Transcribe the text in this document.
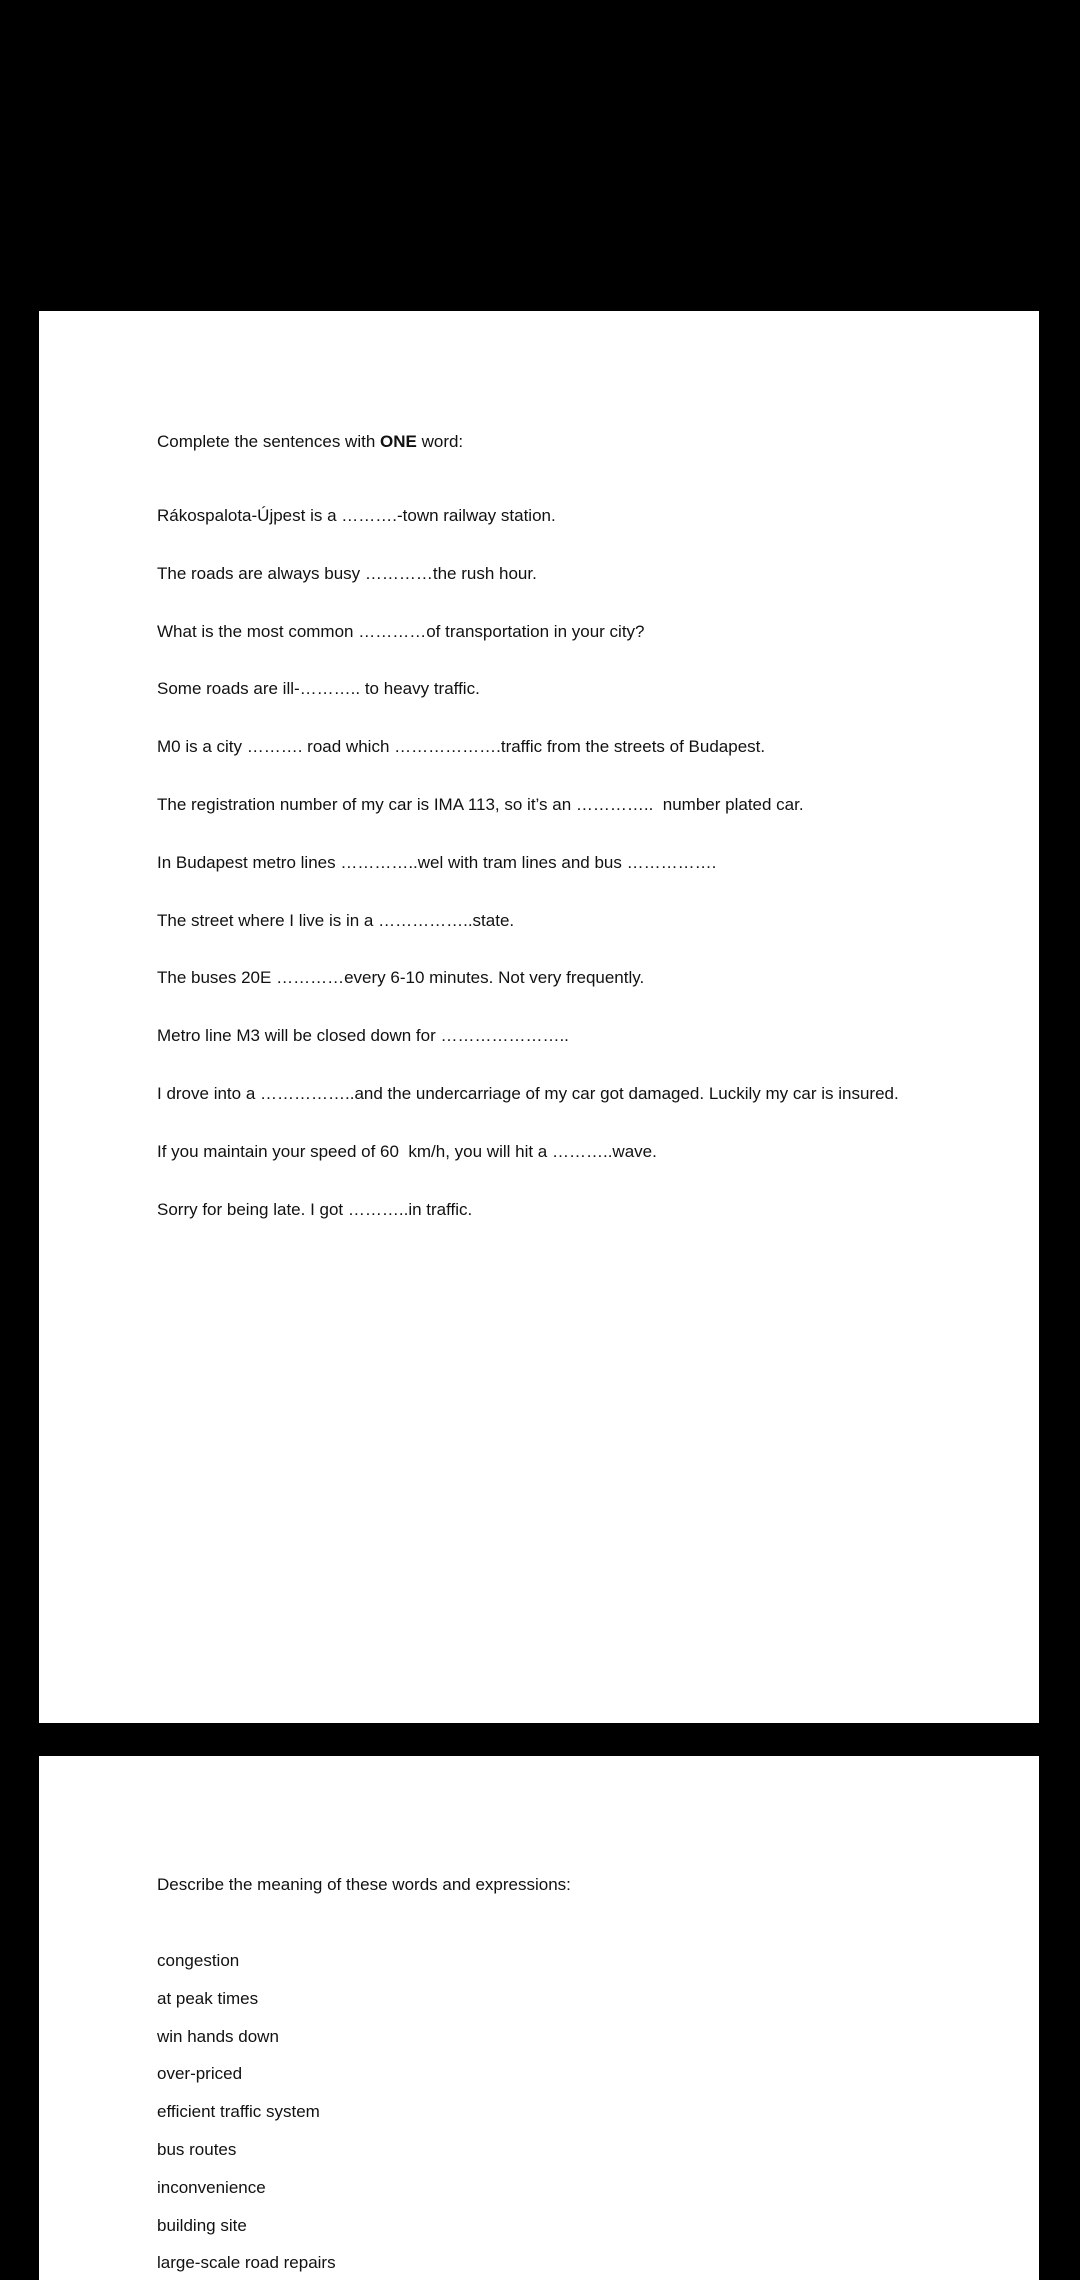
Complete the sentences with ONE word:

Rákospalota-Újpest is a ……….-town railway station.
The roads are always busy …………the rush hour.
What is the most common …………of transportation in your city?
Some roads are ill-……….. to heavy traffic.
M0 is a city ………. road which ……………….traffic from the streets of Budapest.
The registration number of my car is IMA 113, so it’s an …………..  number plated car.
In Budapest metro lines …………..wel with tram lines and bus …………….
The street where I live is in a ……………..state.
The buses 20E …………every 6-10 minutes. Not very frequently.
Metro line M3 will be closed down for …………………..
I drove into a ……………..and the undercarriage of my car got damaged. Luckily my car is insured.
If you maintain your speed of 60  km/h, you will hit a ………..wave.
Sorry for being late. I got ………..in traffic.

Describe the meaning of these words and expressions:

congestion
at peak times
win hands down
over-priced
efficient traffic system
bus routes
inconvenience
building site
large-scale road repairs
